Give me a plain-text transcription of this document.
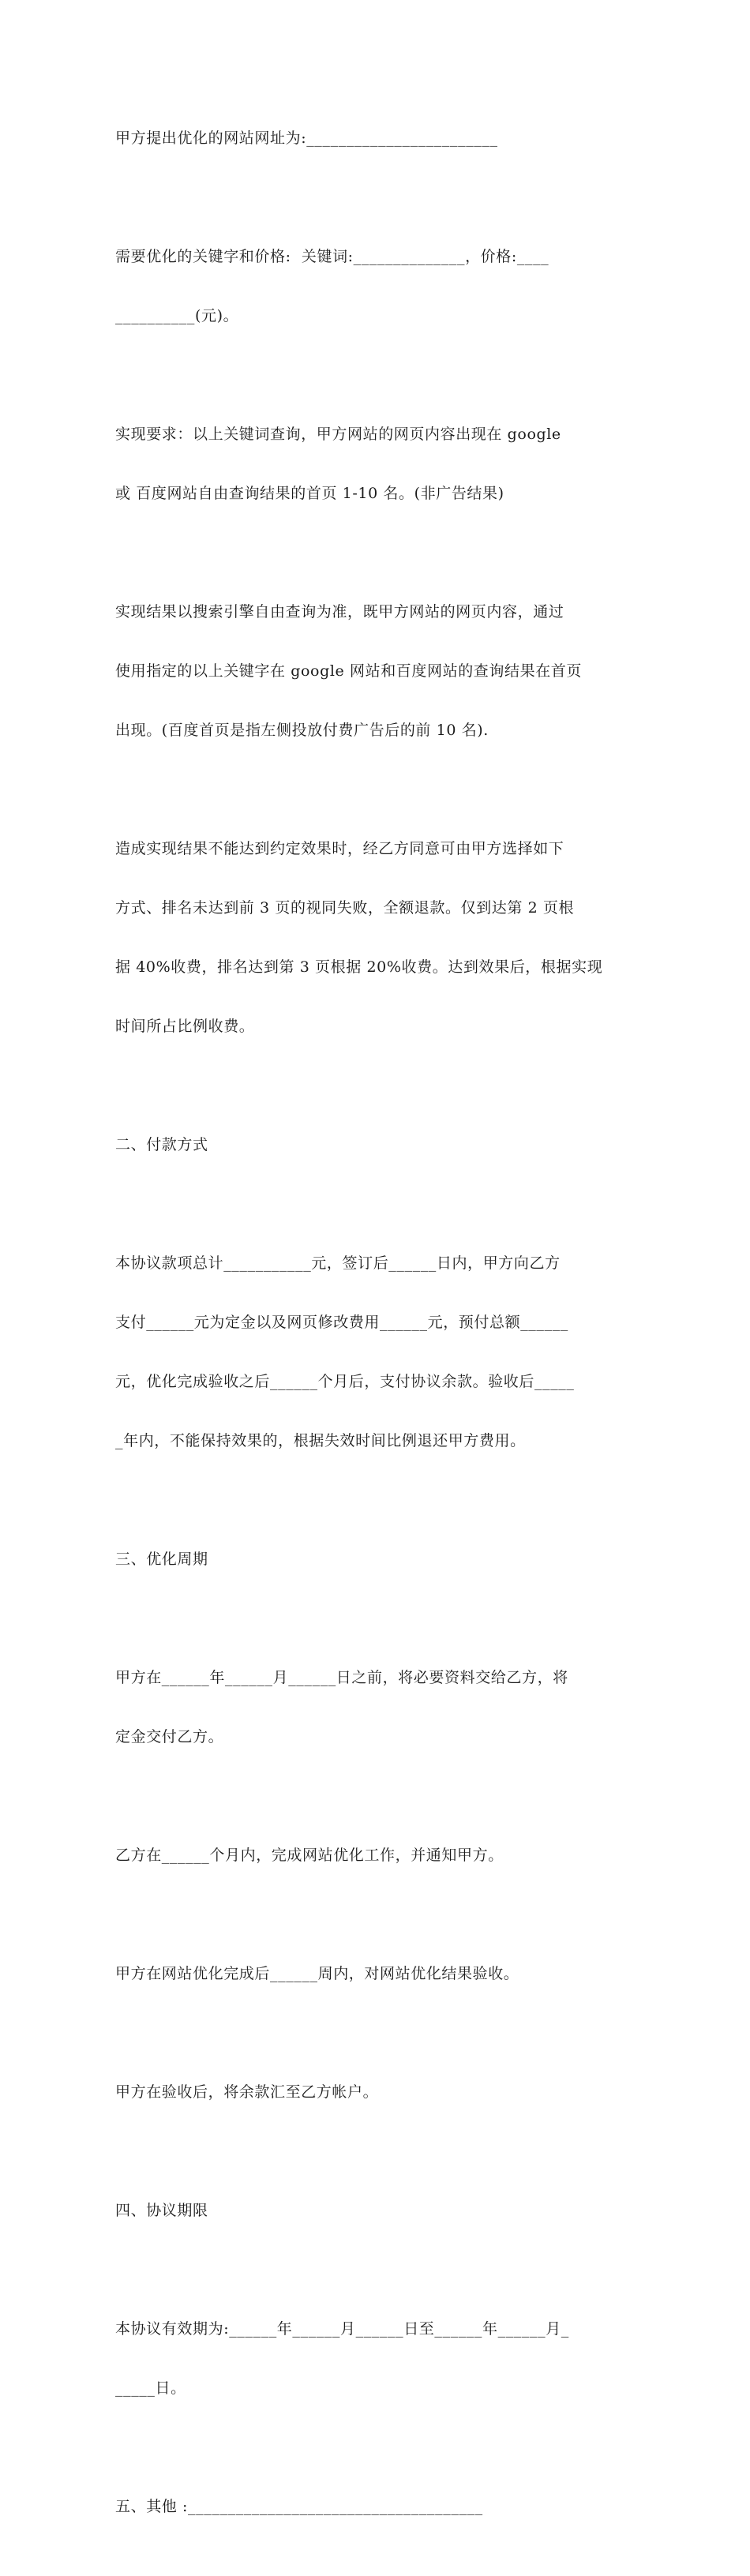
甲方提出优化的网站网址为:________________________

需要优化的关键字和价格:  关键词:______________，价格:____

__________(元)。

实现要求：以上关键词查询，甲方网站的网页内容出现在 google

或 百度网站自由查询结果的首页 1-10 名。(非广告结果)

实现结果以搜索引擎自由查询为准，既甲方网站的网页内容，通过

使用指定的以上关键字在 google 网站和百度网站的查询结果在首页

出现。(百度首页是指左侧投放付费广告后的前 10 名).

造成实现结果不能达到约定效果时，经乙方同意可由甲方选择如下

方式、排名未达到前 3 页的视同失败，全额退款。仅到达第 2 页根

据 40%收费，排名达到第 3 页根据 20%收费。达到效果后，根据实现

时间所占比例收费。

二、付款方式

本协议款项总计___________元，签订后______日内，甲方向乙方

支付______元为定金以及网页修改费用______元，预付总额______

元，优化完成验收之后______个月后，支付协议余款。验收后_____

_年内，不能保持效果的，根据失效时间比例退还甲方费用。

三、优化周期

甲方在______年______月______日之前，将必要资料交给乙方，将

定金交付乙方。

乙方在______个月内，完成网站优化工作，并通知甲方。

甲方在网站优化完成后______周内，对网站优化结果验收。

甲方在验收后，将余款汇至乙方帐户。

四、协议期限

本协议有效期为:______年______月______日至______年______月_

_____日。

五、其他 :_____________________________________
